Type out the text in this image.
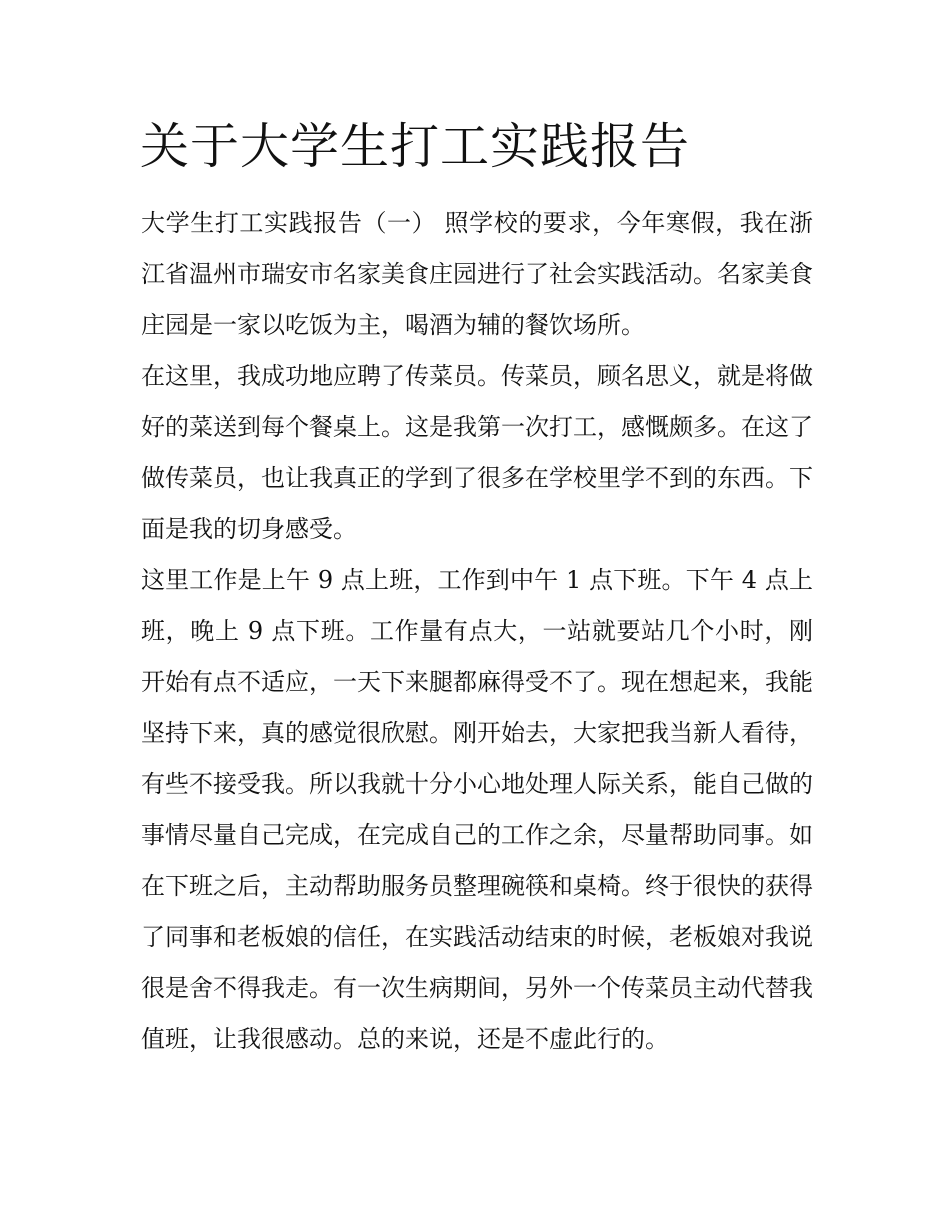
关于大学生打工实践报告

大学生打工实践报告（一） 照学校的要求，今年寒假，我在浙江省温州市瑞安市名家美食庄园进行了社会实践活动。名家美食庄园是一家以吃饭为主，喝酒为辅的餐饮场所。

在这里，我成功地应聘了传菜员。传菜员，顾名思义，就是将做好的菜送到每个餐桌上。这是我第一次打工，感慨颇多。在这了做传菜员，也让我真正的学到了很多在学校里学不到的东西。下面是我的切身感受。

这里工作是上午 9 点上班，工作到中午 1 点下班。下午 4 点上班，晚上 9 点下班。工作量有点大，一站就要站几个小时，刚开始有点不适应，一天下来腿都麻得受不了。现在想起来，我能坚持下来，真的感觉很欣慰。刚开始去，大家把我当新人看待，有些不接受我。所以我就十分小心地处理人际关系，能自己做的事情尽量自己完成，在完成自己的工作之余，尽量帮助同事。如在下班之后，主动帮助服务员整理碗筷和桌椅。终于很快的获得了同事和老板娘的信任，在实践活动结束的时候，老板娘对我说很是舍不得我走。有一次生病期间，另外一个传菜员主动代替我值班，让我很感动。总的来说，还是不虚此行的。
